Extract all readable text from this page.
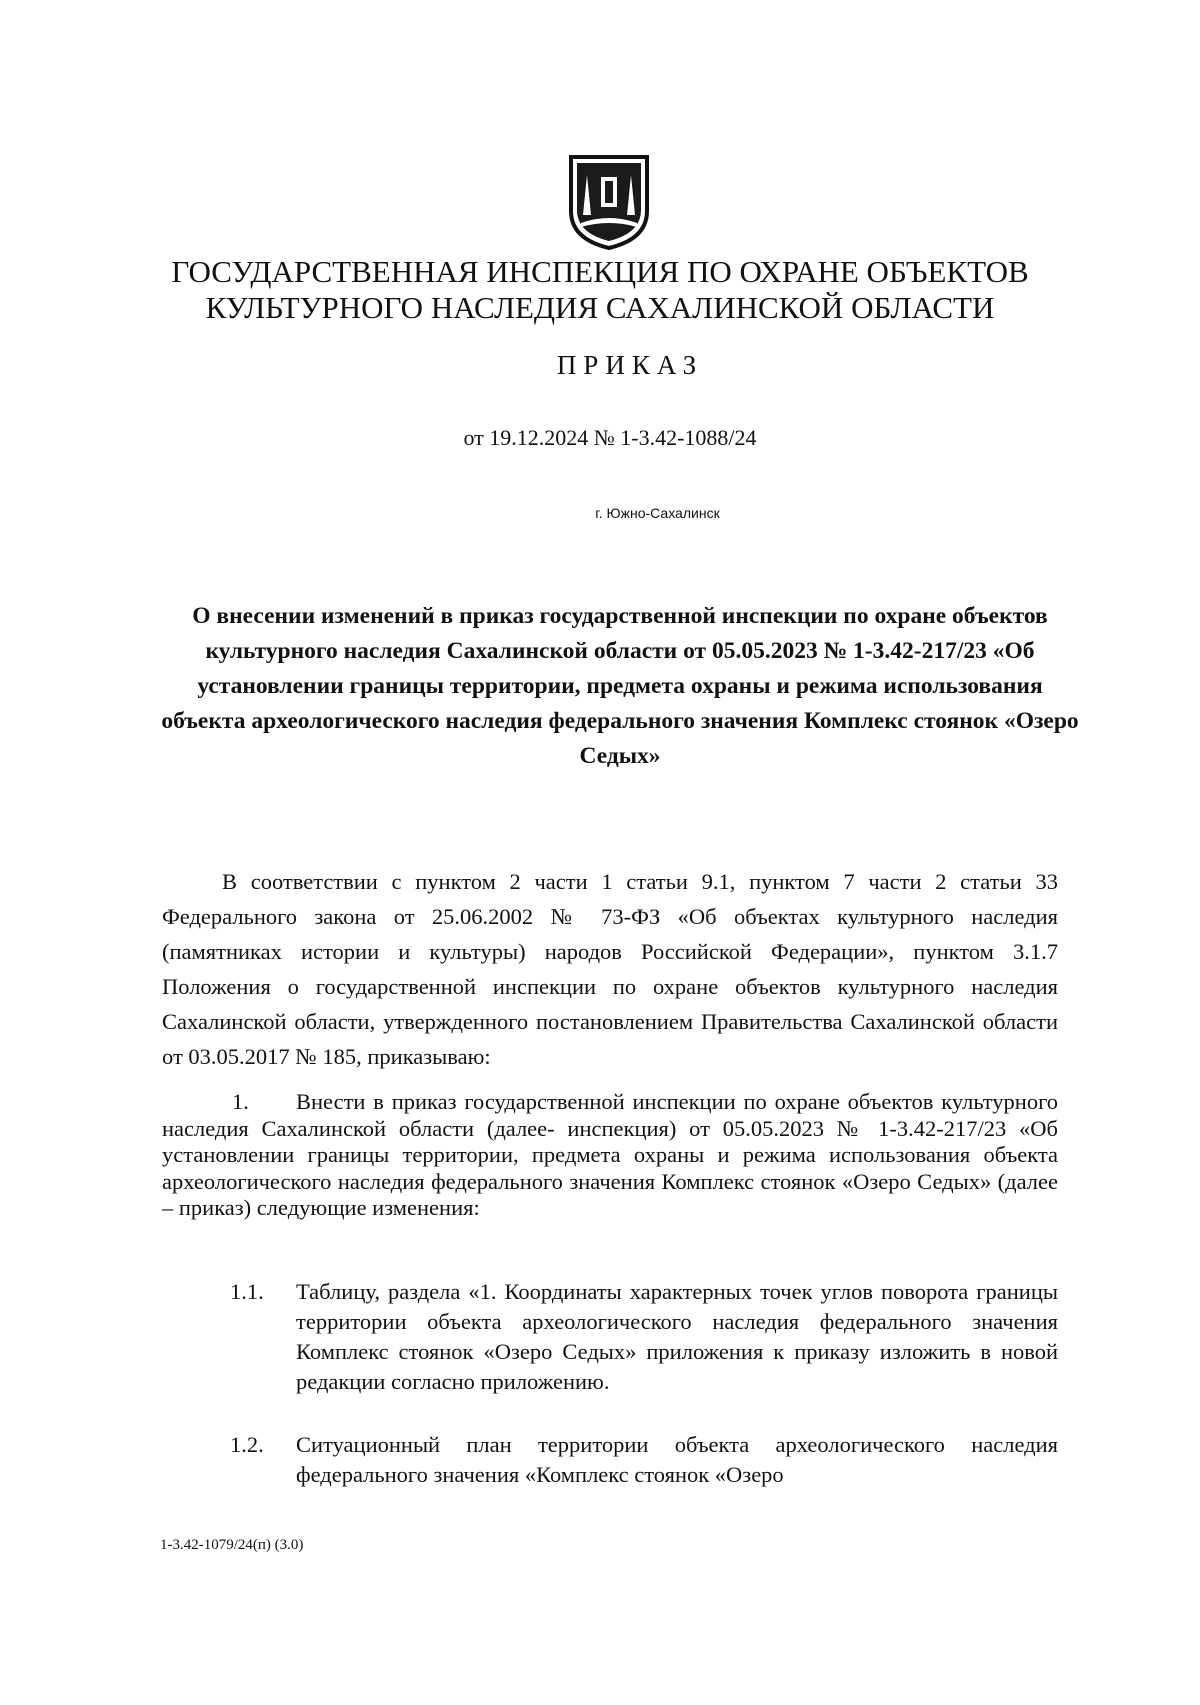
ГОСУДАРСТВЕННАЯ ИНСПЕКЦИЯ ПО ОХРАНЕ ОБЪЕКТОВ
КУЛЬТУРНОГО НАСЛЕДИЯ САХАЛИНСКОЙ ОБЛАСТИ
ПРИКАЗ
от 19.12.2024 № 1-3.42-1088/24
г. Южно-Сахалинск
О внесении изменений в приказ государственной инспекции по охране объектов культурного наследия Сахалинской области от 05.05.2023 № 1-3.42-217/23 «Об установлении границы территории, предмета охраны и режима использования объекта археологического наследия федерального значения Комплекс стоянок «Озеро Седых»

В соответствии с пунктом 2 части 1 статьи 9.1, пунктом 7 части 2 статьи 33 Федерального закона от 25.06.2002 № 73-ФЗ «Об объектах культурного наследия (памятниках истории и культуры) народов Российской Федерации», пунктом 3.1.7 Положения о государственной инспекции по охране объектов культурного наследия Сахалинской области, утвержденного постановлением Правительства Сахалинской области от 03.05.2017 № 185, приказываю:

1. Внести в приказ государственной инспекции по охране объектов культурного наследия Сахалинской области (далее- инспекция) от 05.05.2023 № 1-3.42-217/23 «Об установлении границы территории, предмета охраны и режима использования объекта археологического наследия федерального значения Комплекс стоянок «Озеро Седых» (далее – приказ) следующие изменения:
1.1.	Таблицу, раздела «1. Координаты характерных точек углов поворота границы территории объекта археологического наследия федерального значения Комплекс стоянок «Озеро Седых» приложения к приказу изложить в новой редакции согласно приложению.
1.2.	Ситуационный план территории объекта археологического наследия федерального значения «Комплекс стоянок «Озеро
1-3.42-1079/24(п) (3.0)
